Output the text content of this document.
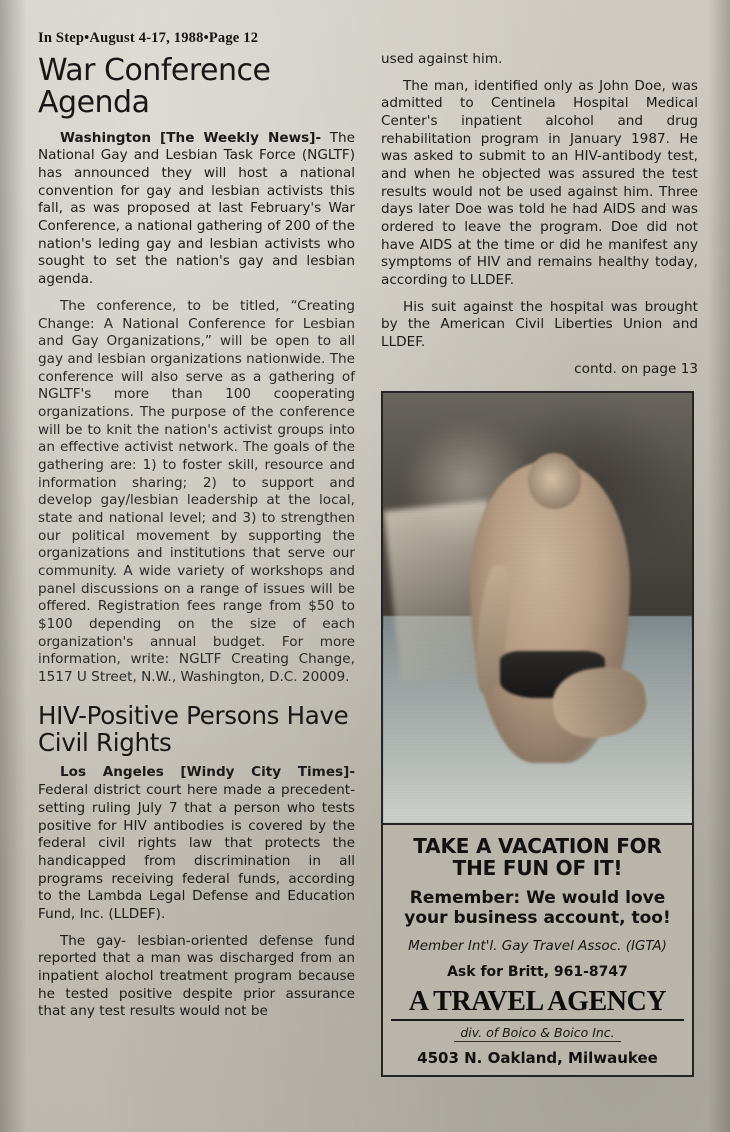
In Step•August 4-17, 1988•Page 12
War Conference Agenda

Washington [The Weekly News]- The National Gay and Lesbian Task Force (NGLTF) has announced they will host a national convention for gay and lesbian activists this fall, as was proposed at last February's War Conference, a national gathering of 200 of the nation's leding gay and lesbian activists who sought to set the nation's gay and lesbian agenda.

The conference, to be titled, “Creating Change: A National Conference for Lesbian and Gay Organizations,” will be open to all gay and lesbian organizations nationwide. The conference will also serve as a gathering of NGLTF's more than 100 cooperating organizations. The purpose of the conference will be to knit the nation's activist groups into an effective activist network. The goals of the gathering are: 1) to foster skill, resource and information sharing; 2) to support and develop gay/lesbian leadership at the local, state and national level; and 3) to strengthen our political movement by supporting the organizations and institutions that serve our community. A wide variety of workshops and panel discussions on a range of issues will be offered. Registration fees range from $50 to $100 depending on the size of each organization's annual budget. For more information, write: NGLTF Creating Change, 1517 U Street, N.W., Washington, D.C. 20009.

HIV-Positive Persons Have Civil Rights

Los Angeles [Windy City Times]- Federal district court here made a precedent-setting ruling July 7 that a person who tests positive for HIV antibodies is covered by the federal civil rights law that protects the handicapped from discrimination in all programs receiving federal funds, according to the Lambda Legal Defense and Education Fund, Inc. (LLDEF).

The gay- lesbian-oriented defense fund reported that a man was discharged from an inpatient alochol treatment program because he tested positive despite prior assurance that any test results would not be

used against him.

The man, identified only as John Doe, was admitted to Centinela Hospital Medical Center's inpatient alcohol and drug rehabilitation program in January 1987. He was asked to submit to an HIV-antibody test, and when he objected was assured the test results would not be used against him. Three days later Doe was told he had AIDS and was ordered to leave the program. Doe did not have AIDS at the time or did he manifest any symptoms of HIV and remains healthy today, according to LLDEF.

His suit against the hospital was brought by the American Civil Liberties Union and LLDEF.

contd. on page 13

TAKE A VACATION FOR THE FUN OF IT!
Remember: We would love your business account, too!
Member Int'l. Gay Travel Assoc. (IGTA)
Ask for Britt, 961-8747
A TRAVEL AGENCY
div. of Boico & Boico Inc.
4503 N. Oakland, Milwaukee
